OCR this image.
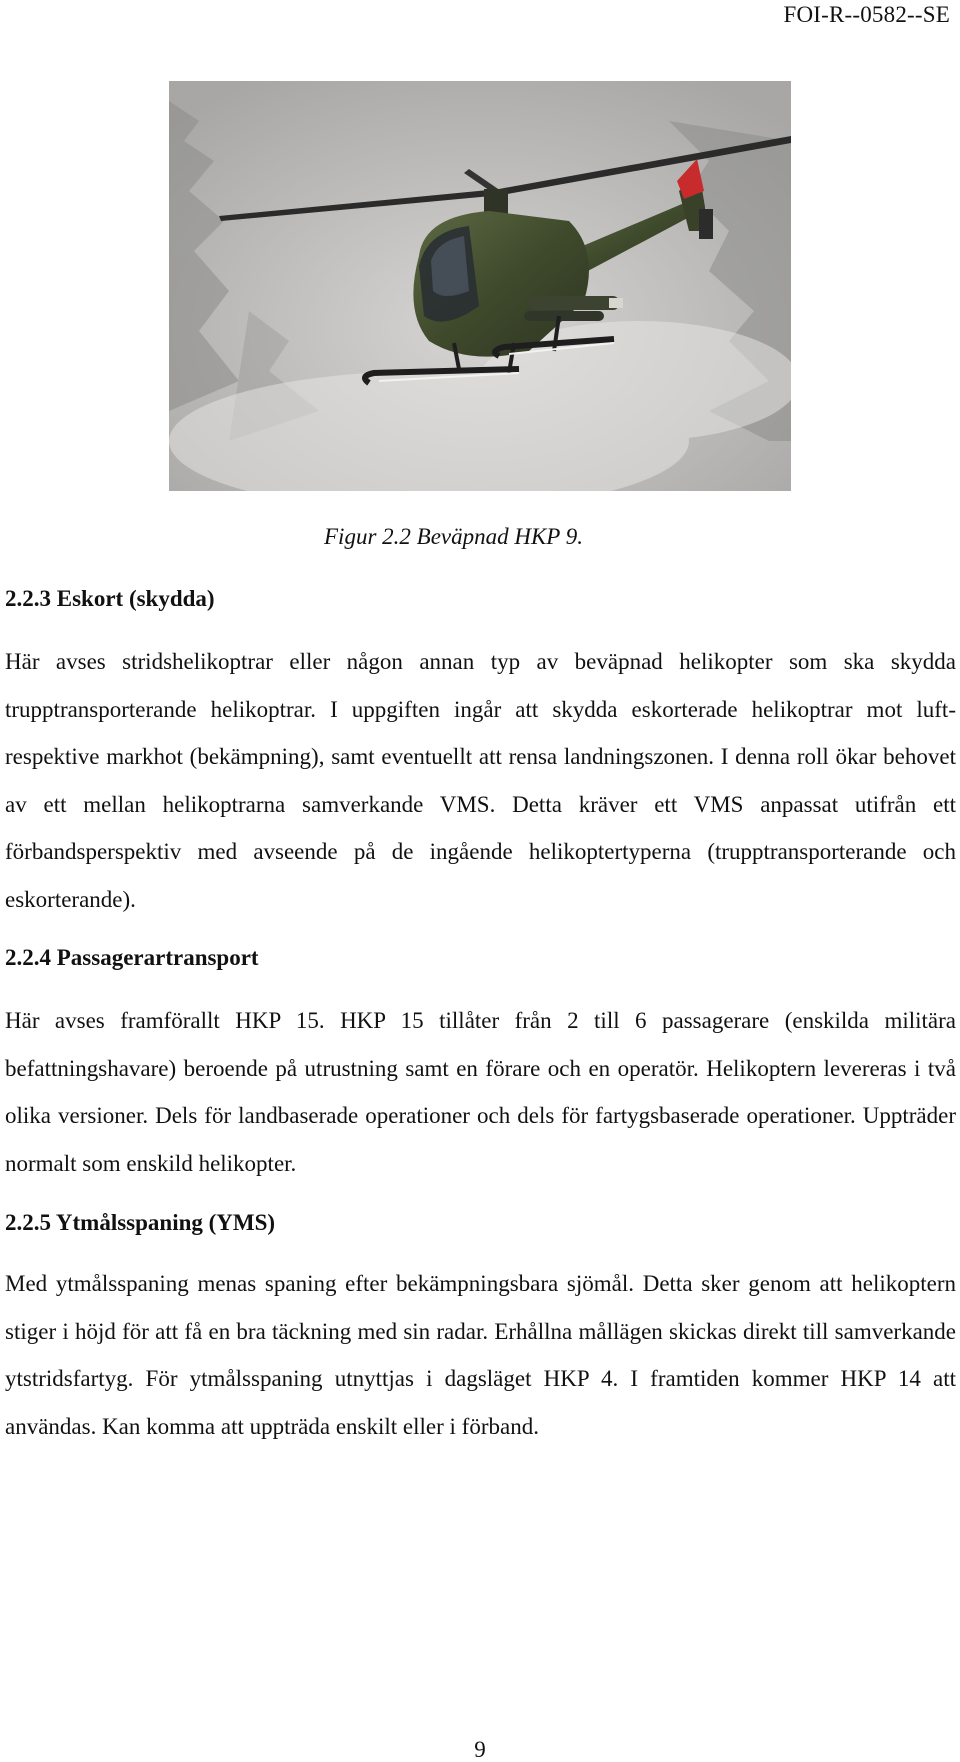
FOI-R--0582--SE
Figur 2.2 Beväpnad HKP 9.
2.2.3 Eskort (skydda)
Här avses stridshelikoptrar eller någon annan typ av beväpnad helikopter som ska skydda trupptransporterande helikoptrar. I uppgiften ingår att skydda eskorterade helikoptrar mot luft- respektive markhot (bekämpning), samt eventuellt att rensa landningszonen. I denna roll ökar behovet av ett mellan helikoptrarna samverkande VMS. Detta kräver ett VMS anpassat utifrån ett förbandsperspektiv med avseende på de ingående helikoptertyperna (trupptransporterande och eskorterande).
2.2.4 Passagerartransport
Här avses framförallt HKP 15. HKP 15 tillåter från 2 till 6 passagerare (enskilda militära befattningshavare) beroende på utrustning samt en förare och en operatör. Helikoptern levereras i två olika versioner. Dels för landbaserade operationer och dels för fartygsbaserade operationer. Uppträder normalt som enskild helikopter.
2.2.5 Ytmålsspaning (YMS)
Med ytmålsspaning menas spaning efter bekämpningsbara sjömål. Detta sker genom att helikoptern stiger i höjd för att få en bra täckning med sin radar. Erhållna mållägen skickas direkt till samverkande ytstridsfartyg. För ytmålsspaning utnyttjas i dagsläget HKP 4. I framtiden kommer HKP 14 att användas. Kan komma att uppträda enskilt eller i förband.
9
